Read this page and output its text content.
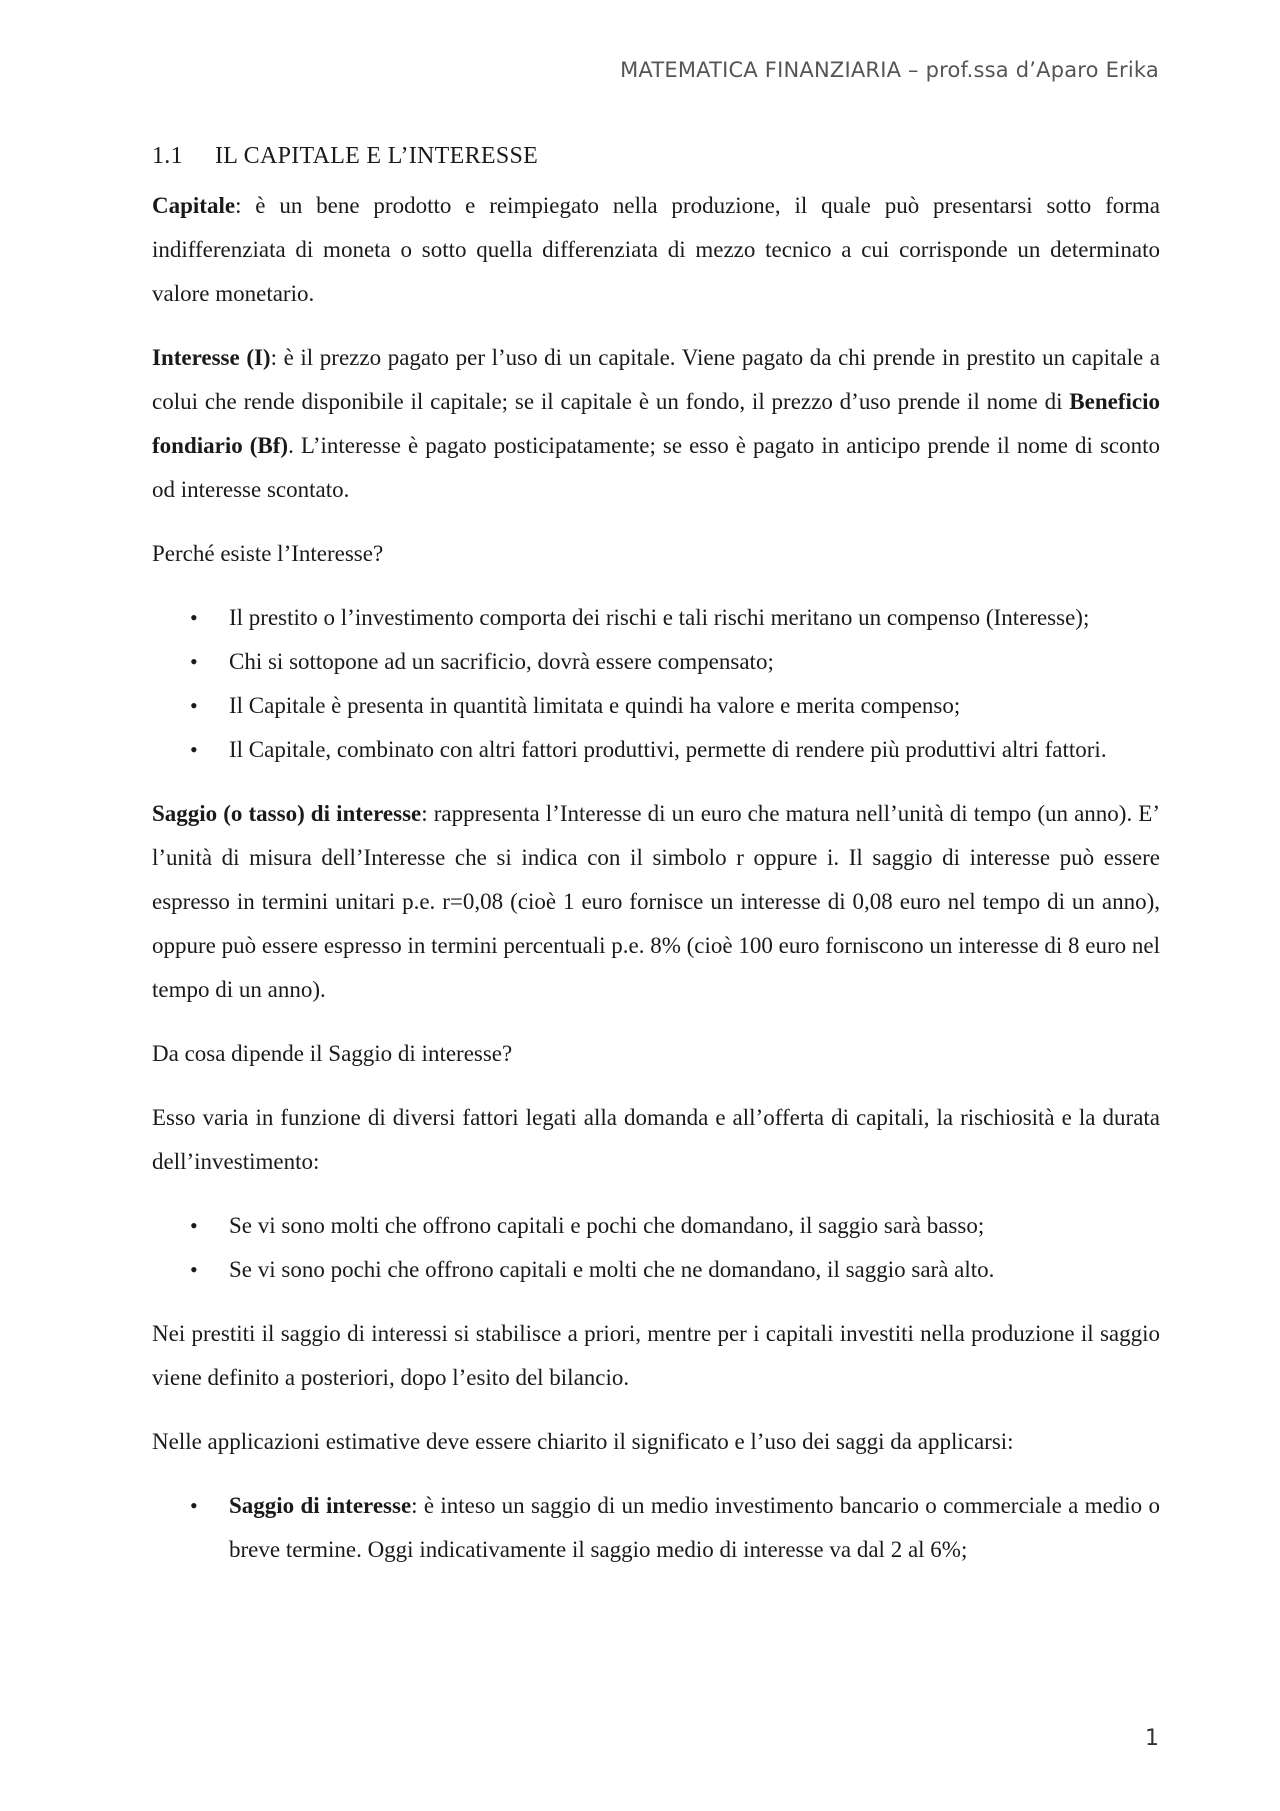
MATEMATICA FINANZIARIA – prof.ssa d’Aparo Erika
1.1 IL CAPITALE E L’INTERESSE

Capitale: è un bene prodotto e reimpiegato nella produzione, il quale può presentarsi sotto forma indifferenziata di moneta o sotto quella differenziata di mezzo tecnico a cui corrisponde un determinato valore monetario.

Interesse (I): è il prezzo pagato per l’uso di un capitale. Viene pagato da chi prende in prestito un capitale a colui che rende disponibile il capitale; se il capitale è un fondo, il prezzo d’uso prende il nome di Beneficio fondiario (Bf). L’interesse è pagato posticipatamente; se esso è pagato in anticipo prende il nome di sconto od interesse scontato.

Perché esiste l’Interesse?

• Il prestito o l’investimento comporta dei rischi e tali rischi meritano un compenso (Interesse);
• Chi si sottopone ad un sacrificio, dovrà essere compensato;
• Il Capitale è presenta in quantità limitata e quindi ha valore e merita compenso;
• Il Capitale, combinato con altri fattori produttivi, permette di rendere più produttivi altri fattori.

Saggio (o tasso) di interesse: rappresenta l’Interesse di un euro che matura nell’unità di tempo (un anno). E’ l’unità di misura dell’Interesse che si indica con il simbolo r oppure i. Il saggio di interesse può essere espresso in termini unitari p.e. r=0,08 (cioè 1 euro fornisce un interesse di 0,08 euro nel tempo di un anno), oppure può essere espresso in termini percentuali p.e. 8% (cioè 100 euro forniscono un interesse di 8 euro nel tempo di un anno).

Da cosa dipende il Saggio di interesse?

Esso varia in funzione di diversi fattori legati alla domanda e all’offerta di capitali, la rischiosità e la durata dell’investimento:

• Se vi sono molti che offrono capitali e pochi che domandano, il saggio sarà basso;
• Se vi sono pochi che offrono capitali e molti che ne domandano, il saggio sarà alto.

Nei prestiti il saggio di interessi si stabilisce a priori, mentre per i capitali investiti nella produzione il saggio viene definito a posteriori, dopo l’esito del bilancio.

Nelle applicazioni estimative deve essere chiarito il significato e l’uso dei saggi da applicarsi:

• Saggio di interesse: è inteso un saggio di un medio investimento bancario o commerciale a medio o breve termine. Oggi indicativamente il saggio medio di interesse va dal 2 al 6%;
1
